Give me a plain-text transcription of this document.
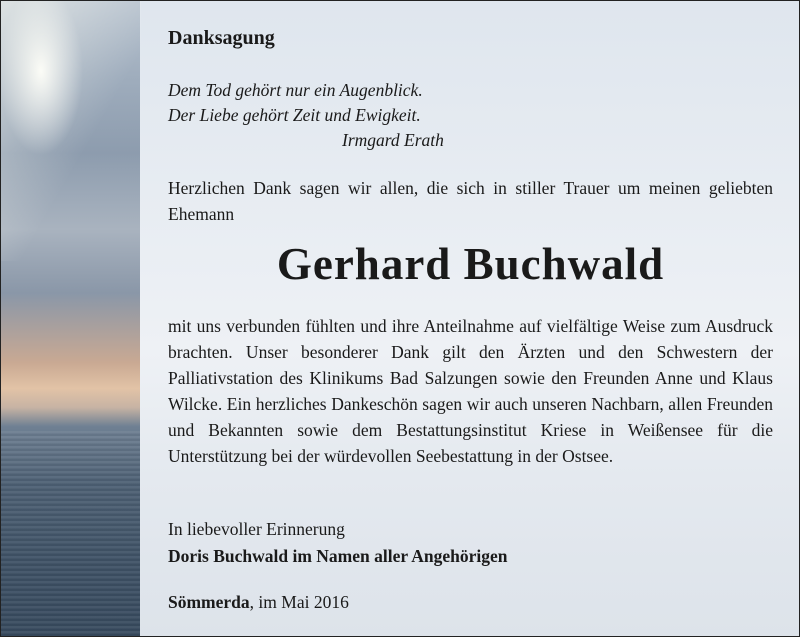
Danksagung
Dem Tod gehört nur ein Augenblick.
Der Liebe gehört Zeit und Ewigkeit.
Irmgard Erath
Herzlichen Dank sagen wir allen, die sich in stiller Trauer um meinen geliebten Ehemann
Gerhard Buchwald
mit uns verbunden fühlten und ihre Anteilnahme auf vielfältige Weise zum Ausdruck brachten. Unser besonderer Dank gilt den Ärzten und den Schwestern der Palliativstation des Klinikums Bad Salzungen sowie den Freunden Anne und Klaus Wilcke. Ein herzliches Dankeschön sagen wir auch unseren Nachbarn, allen Freunden und Bekannten sowie dem Bestattungsinstitut Kriese in Weißensee für die Unterstützung bei der würdevollen Seebestattung in der Ostsee.
In liebevoller Erinnerung
Doris Buchwald im Namen aller Angehörigen
Sömmerda, im Mai 2016
